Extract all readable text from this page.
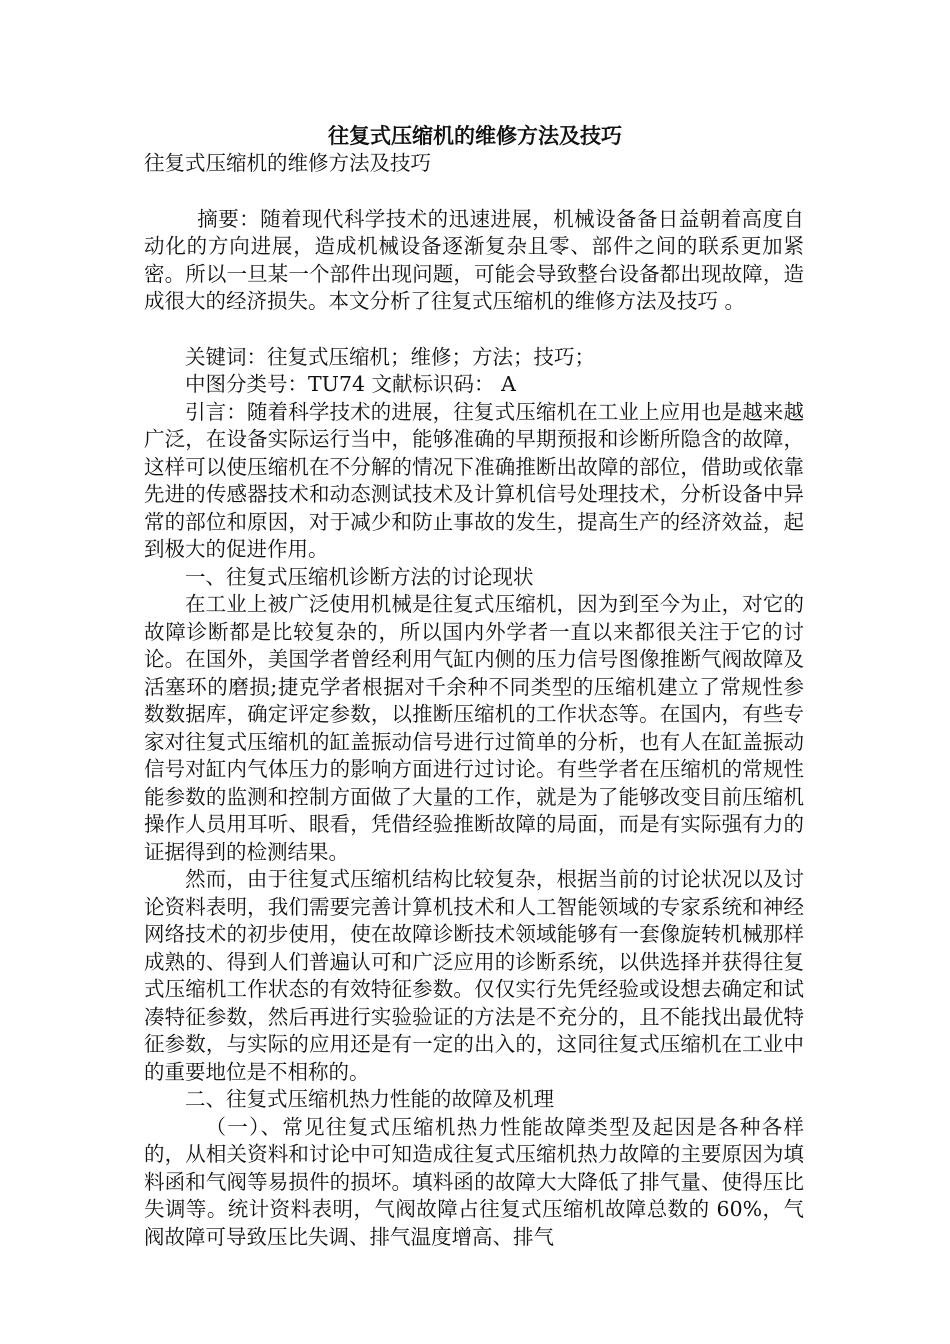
往复式压缩机的维修方法及技巧

往复式压缩机的维修方法及技巧

摘要：随着现代科学技术的迅速进展，机械设备备日益朝着高度自动化的方向进展，造成机械设备逐渐复杂且零、部件之间的联系更加紧密。所以一旦某一个部件出现问题，可能会导致整台设备都出现故障，造成很大的经济损失。本文分析了往复式压缩机的维修方法及技巧 。

关键词：往复式压缩机；维修；方法；技巧；

中图分类号：TU74 文献标识码： A

引言：随着科学技术的进展，往复式压缩机在工业上应用也是越来越广泛，在设备实际运行当中，能够准确的早期预报和诊断所隐含的故障，这样可以使压缩机在不分解的情况下准确推断出故障的部位，借助或依靠先进的传感器技术和动态测试技术及计算机信号处理技术，分析设备中异常的部位和原因，对于减少和防止事故的发生，提高生产的经济效益，起到极大的促进作用。

一、往复式压缩机诊断方法的讨论现状

在工业上被广泛使用机械是往复式压缩机，因为到至今为止，对它的故障诊断都是比较复杂的，所以国内外学者一直以来都很关注于它的讨论。在国外，美国学者曾经利用气缸内侧的压力信号图像推断气阀故障及活塞环的磨损;捷克学者根据对千余种不同类型的压缩机建立了常规性参数数据库，确定评定参数，以推断压缩机的工作状态等。在国内，有些专家对往复式压缩机的缸盖振动信号进行过简单的分析，也有人在缸盖振动信号对缸内气体压力的影响方面进行过讨论。有些学者在压缩机的常规性能参数的监测和控制方面做了大量的工作，就是为了能够改变目前压缩机操作人员用耳听、眼看，凭借经验推断故障的局面，而是有实际强有力的证据得到的检测结果。

然而，由于往复式压缩机结构比较复杂，根据当前的讨论状况以及讨论资料表明，我们需要完善计算机技术和人工智能领域的专家系统和神经网络技术的初步使用，使在故障诊断技术领域能够有一套像旋转机械那样成熟的、得到人们普遍认可和广泛应用的诊断系统，以供选择并获得往复式压缩机工作状态的有效特征参数。仅仅实行先凭经验或设想去确定和试凑特征参数，然后再进行实验验证的方法是不充分的，且不能找出最优特征参数，与实际的应用还是有一定的出入的，这同往复式压缩机在工业中的重要地位是不相称的。

二、往复式压缩机热力性能的故障及机理

（一）、常见往复式压缩机热力性能故障类型及起因是各种各样的，从相关资料和讨论中可知造成往复式压缩机热力故障的主要原因为填料函和气阀等易损件的损坏。填料函的故障大大降低了排气量、使得压比失调等。统计资料表明，气阀故障占往复式压缩机故障总数的 60%，气阀故障可导致压比失调、排气温度增高、排气
